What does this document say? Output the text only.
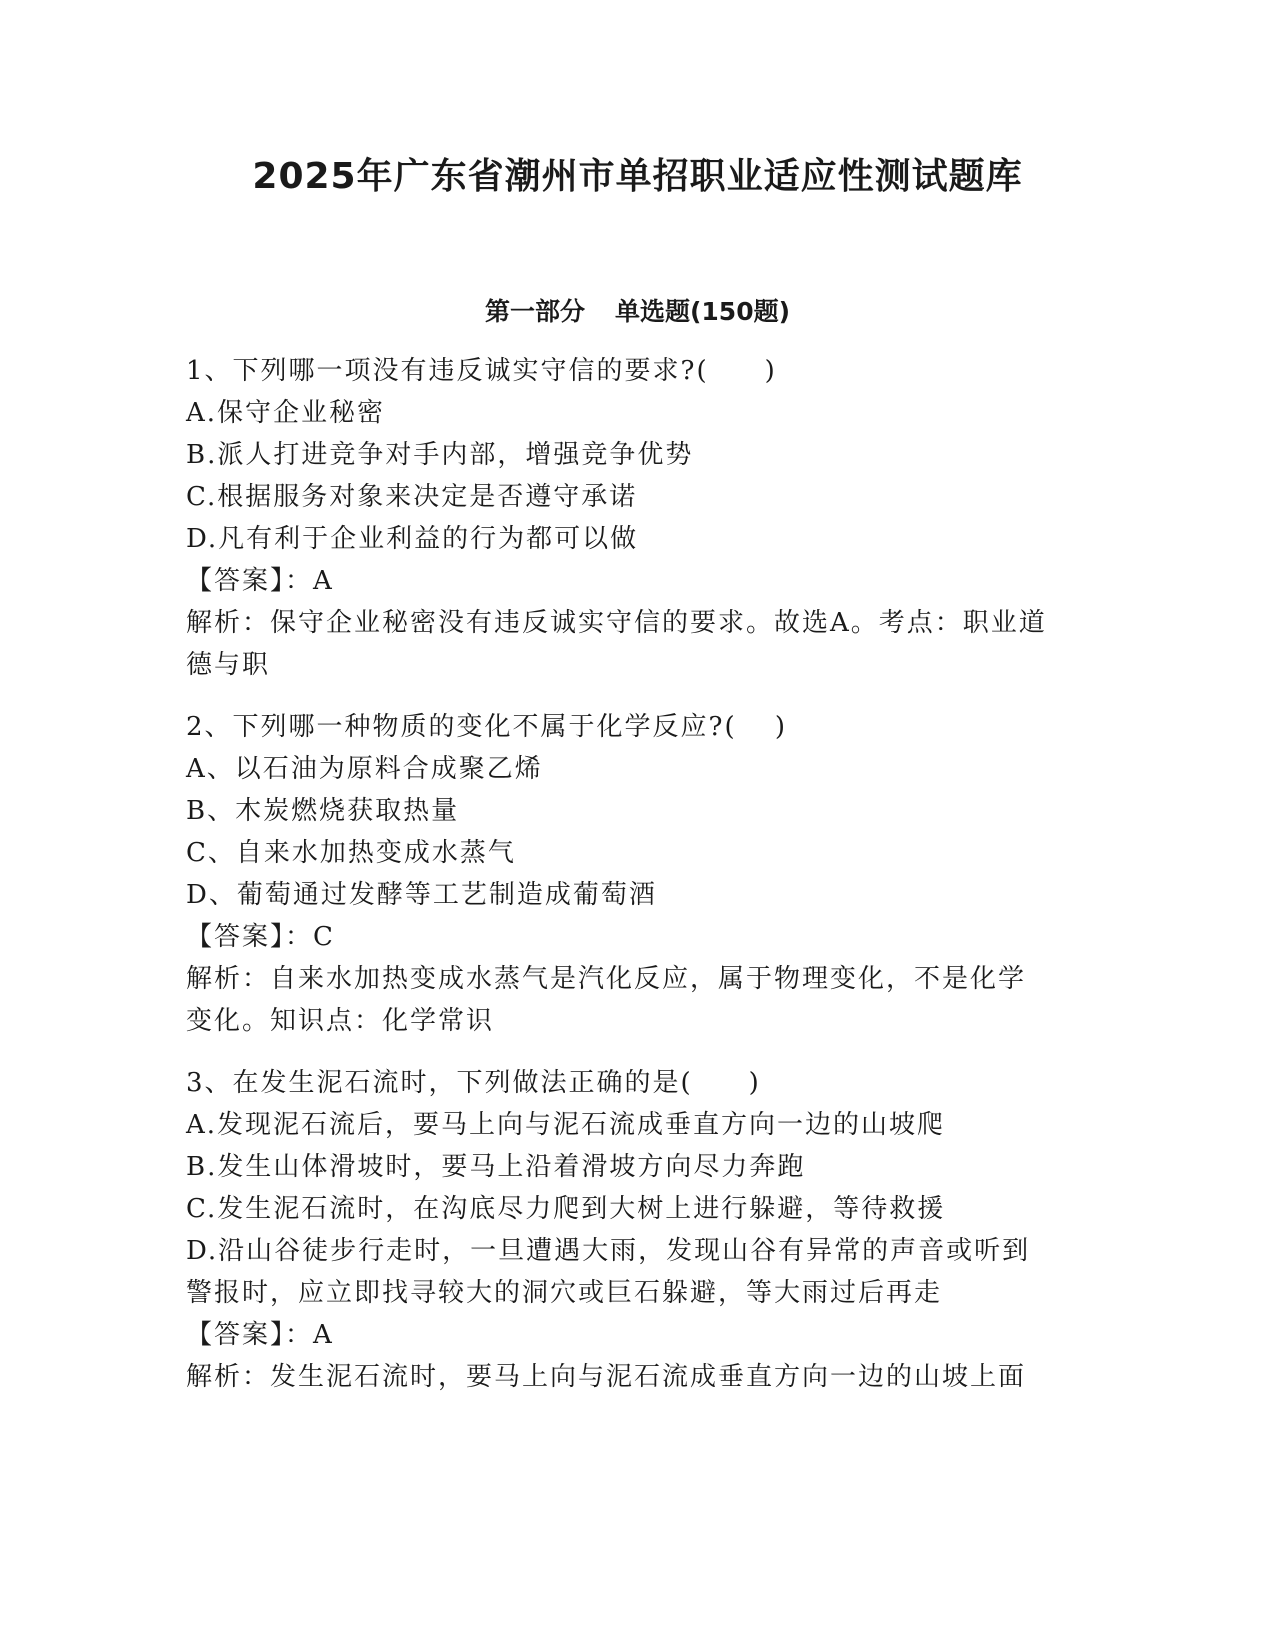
2025年广东省潮州市单招职业适应性测试题库
第一部分 单选题(150题)
1、下列哪一项没有违反诚实守信的要求?(　　)
A.保守企业秘密
B.派人打进竞争对手内部，增强竞争优势
C.根据服务对象来决定是否遵守承诺
D.凡有利于企业利益的行为都可以做
【答案】：A
解析：保守企业秘密没有违反诚实守信的要求。故选A。考点：职业道
德与职
2、下列哪一种物质的变化不属于化学反应?(　 )
A、以石油为原料合成聚乙烯
B、木炭燃烧获取热量
C、自来水加热变成水蒸气
D、葡萄通过发酵等工艺制造成葡萄酒
【答案】：C
解析：自来水加热变成水蒸气是汽化反应，属于物理变化，不是化学
变化。知识点：化学常识
3、在发生泥石流时，下列做法正确的是(　　)
A.发现泥石流后，要马上向与泥石流成垂直方向一边的山坡爬
B.发生山体滑坡时，要马上沿着滑坡方向尽力奔跑
C.发生泥石流时，在沟底尽力爬到大树上进行躲避，等待救援
D.沿山谷徒步行走时，一旦遭遇大雨，发现山谷有异常的声音或听到
警报时，应立即找寻较大的洞穴或巨石躲避，等大雨过后再走
【答案】：A
解析：发生泥石流时，要马上向与泥石流成垂直方向一边的山坡上面
